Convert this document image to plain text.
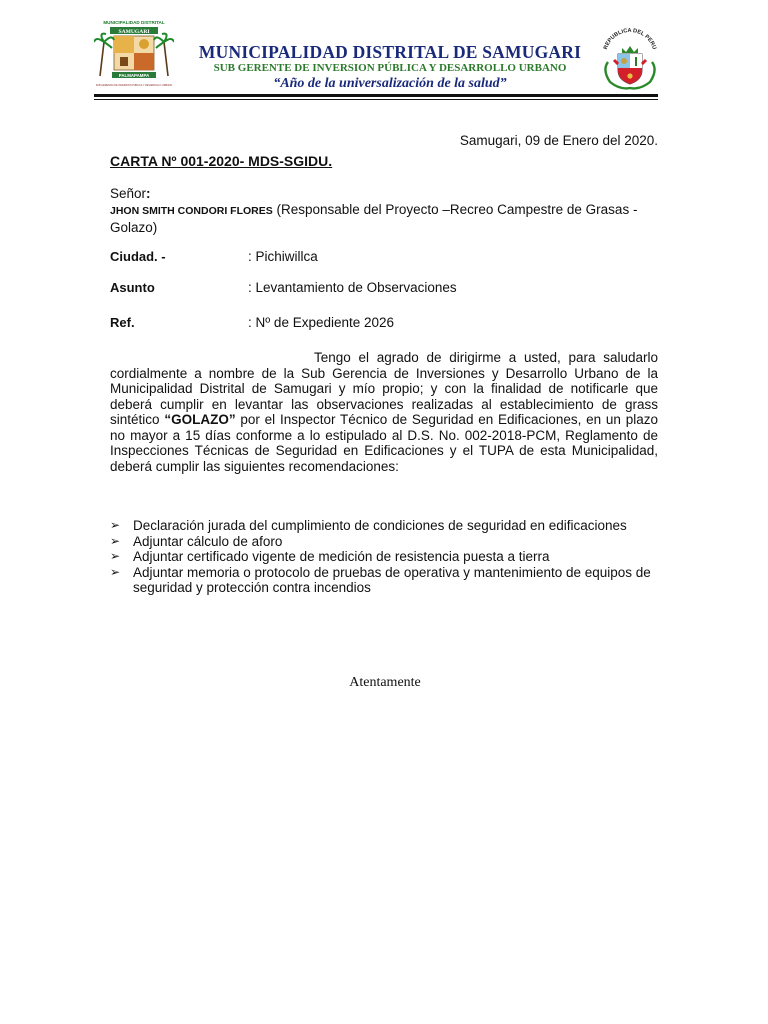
MUNICIPALIDAD DISTRITAL
SAMUGARI
PALMAPAMPA
SUB GERENCIA DE INVERSION PUBLICA Y DESARROLLO URBANO
MUNICIPALIDAD DISTRITAL DE SAMUGARI
SUB GERENTE DE INVERSION PÚBLICA Y DESARROLLO URBANO
“Año de la universalización de la salud”
REPUBLICA DEL PERU
Samugari, 09 de Enero del 2020.
CARTA Nº 001-2020- MDS-SGIDU.
Señor:
JHON SMITH CONDORI FLORES (Responsable del Proyecto –Recreo Campestre de Grasas - Golazo)
Ciudad. -	: Pichiwillca
Asunto	: Levantamiento de Observaciones
Ref.	: Nº de Expediente 2026
Tengo el agrado de dirigirme a usted, para saludarlo cordialmente a nombre de la Sub Gerencia de Inversiones y Desarrollo Urbano de la Municipalidad Distrital de Samugari y mío propio; y con la finalidad de notificarle que deberá cumplir en levantar las observaciones realizadas al establecimiento de grass sintético “GOLAZO” por el Inspector Técnico de Seguridad en Edificaciones, en un plazo no mayor a 15 días conforme a lo estipulado al D.S. No. 002-2018-PCM, Reglamento de Inspecciones Técnicas de Seguridad en Edificaciones y el TUPA de esta Municipalidad, deberá cumplir las siguientes recomendaciones:
➢ Declaración jurada del cumplimiento de condiciones de seguridad en edificaciones
➢ Adjuntar cálculo de aforo
➢ Adjuntar certificado vigente de medición de resistencia puesta a tierra
➢ Adjuntar memoria o protocolo de pruebas de operativa y mantenimiento de equipos de seguridad y protección contra incendios
Atentamente
